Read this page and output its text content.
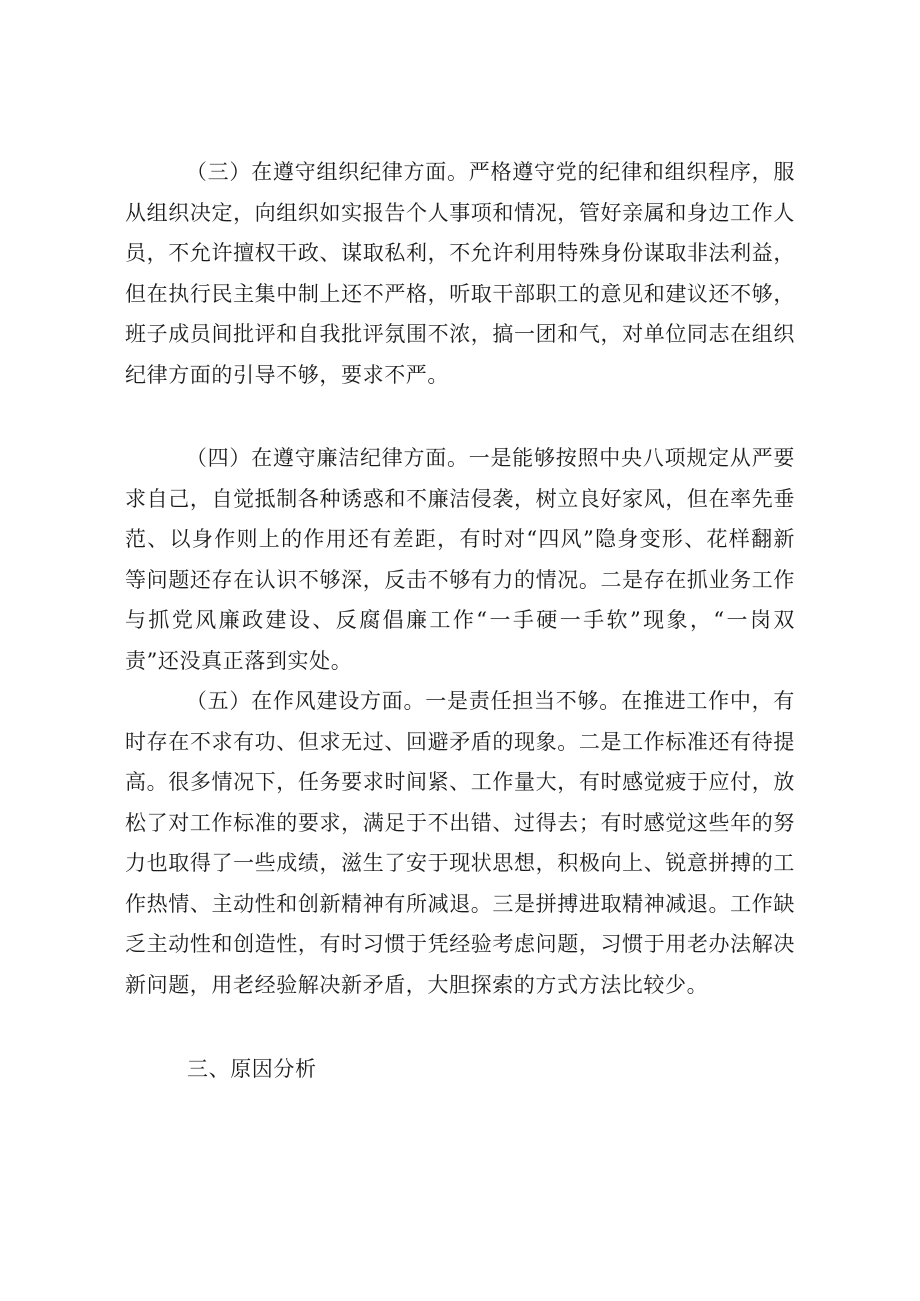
（三）在遵守组织纪律方面。严格遵守党的纪律和组织程序，服从组织决定，向组织如实报告个人事项和情况，管好亲属和身边工作人员，不允许擅权干政、谋取私利，不允许利用特殊身份谋取非法利益，但在执行民主集中制上还不严格，听取干部职工的意见和建议还不够，班子成员间批评和自我批评氛围不浓，搞一团和气，对单位同志在组织纪律方面的引导不够，要求不严。

（四）在遵守廉洁纪律方面。一是能够按照中央八项规定从严要求自己，自觉抵制各种诱惑和不廉洁侵袭，树立良好家风，但在率先垂范、以身作则上的作用还有差距，有时对“四风”隐身变形、花样翻新等问题还存在认识不够深，反击不够有力的情况。二是存在抓业务工作与抓党风廉政建设、反腐倡廉工作“一手硬一手软”现象，“一岗双责”还没真正落到实处。

（五）在作风建设方面。一是责任担当不够。在推进工作中，有时存在不求有功、但求无过、回避矛盾的现象。二是工作标准还有待提高。很多情况下，任务要求时间紧、工作量大，有时感觉疲于应付，放松了对工作标准的要求，满足于不出错、过得去；有时感觉这些年的努力也取得了一些成绩，滋生了安于现状思想，积极向上、锐意拼搏的工作热情、主动性和创新精神有所减退。三是拼搏进取精神减退。工作缺乏主动性和创造性，有时习惯于凭经验考虑问题，习惯于用老办法解决新问题，用老经验解决新矛盾，大胆探索的方式方法比较少。

三、原因分析
